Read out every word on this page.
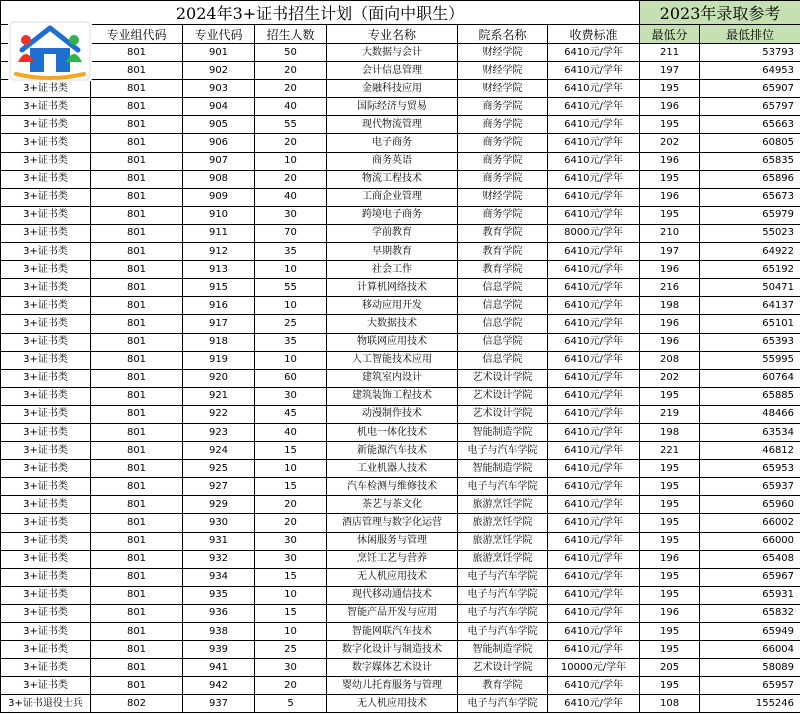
2024年3+证书招生计划（面向中职生）							2023年录取参考	
	专业组代码	专业代码	招生人数	专业名称	院系名称	收费标准	最低分	最低排位
	801	901	50	大数据与会计	财经学院	6410元/学年	211	53793
	801	902	20	会计信息管理	财经学院	6410元/学年	197	64953
3+证书类	801	903	20	金融科技应用	财经学院	6410元/学年	195	65907
3+证书类	801	904	40	国际经济与贸易	商务学院	6410元/学年	196	65797
3+证书类	801	905	55	现代物流管理	商务学院	6410元/学年	195	65663
3+证书类	801	906	20	电子商务	商务学院	6410元/学年	202	60805
3+证书类	801	907	10	商务英语	商务学院	6410元/学年	196	65835
3+证书类	801	908	20	物流工程技术	商务学院	6410元/学年	195	65896
3+证书类	801	909	40	工商企业管理	财经学院	6410元/学年	196	65673
3+证书类	801	910	30	跨境电子商务	商务学院	6410元/学年	195	65979
3+证书类	801	911	70	学前教育	教育学院	8000元/学年	210	55023
3+证书类	801	912	35	早期教育	教育学院	6410元/学年	197	64922
3+证书类	801	913	10	社会工作	教育学院	6410元/学年	196	65192
3+证书类	801	915	55	计算机网络技术	信息学院	6410元/学年	216	50471
3+证书类	801	916	10	移动应用开发	信息学院	6410元/学年	198	64137
3+证书类	801	917	25	大数据技术	信息学院	6410元/学年	196	65101
3+证书类	801	918	35	物联网应用技术	信息学院	6410元/学年	196	65393
3+证书类	801	919	10	人工智能技术应用	信息学院	6410元/学年	208	55995
3+证书类	801	920	60	建筑室内设计	艺术设计学院	6410元/学年	202	60764
3+证书类	801	921	30	建筑装饰工程技术	艺术设计学院	6410元/学年	195	65885
3+证书类	801	922	45	动漫制作技术	艺术设计学院	6410元/学年	219	48466
3+证书类	801	923	40	机电一体化技术	智能制造学院	6410元/学年	198	63534
3+证书类	801	924	15	新能源汽车技术	电子与汽车学院	6410元/学年	221	46812
3+证书类	801	925	10	工业机器人技术	智能制造学院	6410元/学年	195	65953
3+证书类	801	927	15	汽车检测与维修技术	电子与汽车学院	6410元/学年	195	65937
3+证书类	801	929	20	茶艺与茶文化	旅游烹饪学院	6410元/学年	195	65960
3+证书类	801	930	20	酒店管理与数字化运营	旅游烹饪学院	6410元/学年	195	66002
3+证书类	801	931	30	休闲服务与管理	旅游烹饪学院	6410元/学年	195	66000
3+证书类	801	932	30	烹饪工艺与营养	旅游烹饪学院	6410元/学年	196	65408
3+证书类	801	934	15	无人机应用技术	电子与汽车学院	6410元/学年	195	65967
3+证书类	801	935	10	现代移动通信技术	电子与汽车学院	6410元/学年	195	65931
3+证书类	801	936	15	智能产品开发与应用	电子与汽车学院	6410元/学年	196	65832
3+证书类	801	938	10	智能网联汽车技术	电子与汽车学院	6410元/学年	195	65949
3+证书类	801	939	25	数字化设计与制造技术	智能制造学院	6410元/学年	195	66004
3+证书类	801	941	30	数字媒体艺术设计	艺术设计学院	10000元/学年	205	58089
3+证书类	801	942	20	婴幼儿托育服务与管理	教育学院	6410元/学年	195	65957
3+证书退役士兵	802	937	5	无人机应用技术	电子与汽车学院	6410元/学年	108	155246
